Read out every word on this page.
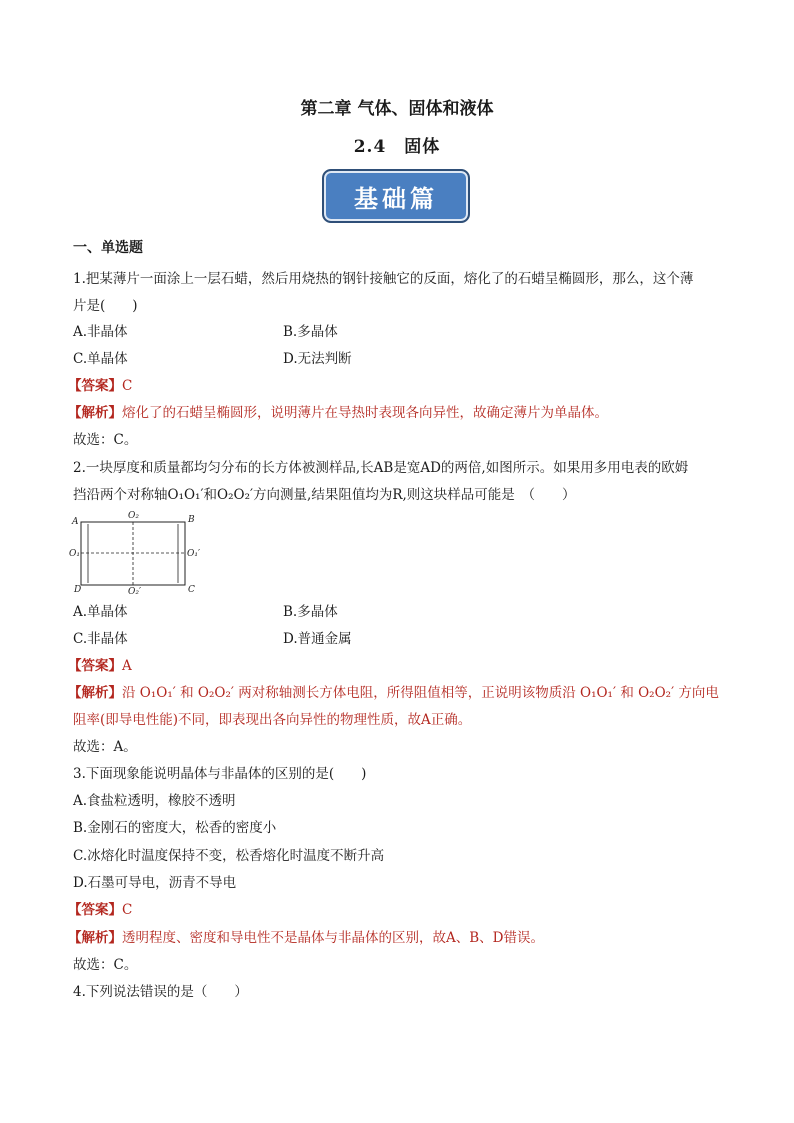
第二章 气体、固体和液体
2.4　固体
基础篇
一、单选题
1.把某薄片一面涂上一层石蜡，然后用烧热的钢针接触它的反面，熔化了的石蜡呈椭圆形，那么，这个薄
片是(　　)
A.非晶体	B.多晶体
C.单晶体	D.无法判断
【答案】C
【解析】熔化了的石蜡呈椭圆形，说明薄片在导热时表现各向异性，故确定薄片为单晶体。
故选：C。
2.一块厚度和质量都均匀分布的长方体被测样品,长AB是宽AD的两倍,如图所示。如果用多用电表的欧姆
挡沿两个对称轴O₁O₁′和O₂O₂′方向测量,结果阻值均为R,则这块样品可能是　（　　）
A	B
C
D
O₁	O₁′
O₂
O₂′
A.单晶体	B.多晶体
C.非晶体	D.普通金属
【答案】A
【解析】沿 O₁O₁′ 和 O₂O₂′ 两对称轴测长方体电阻，所得阻值相等，正说明该物质沿 O₁O₁′ 和 O₂O₂′ 方向电
阻率(即导电性能)不同，即表现出各向异性的物理性质，故A正确。
故选：A。
3.下面现象能说明晶体与非晶体的区别的是(　　)
A.食盐粒透明，橡胶不透明
B.金刚石的密度大，松香的密度小
C.冰熔化时温度保持不变，松香熔化时温度不断升高
D.石墨可导电，沥青不导电
【答案】C
【解析】透明程度、密度和导电性不是晶体与非晶体的区别，故A、B、D错误。
故选：C。
4.下列说法错误的是（　　）
